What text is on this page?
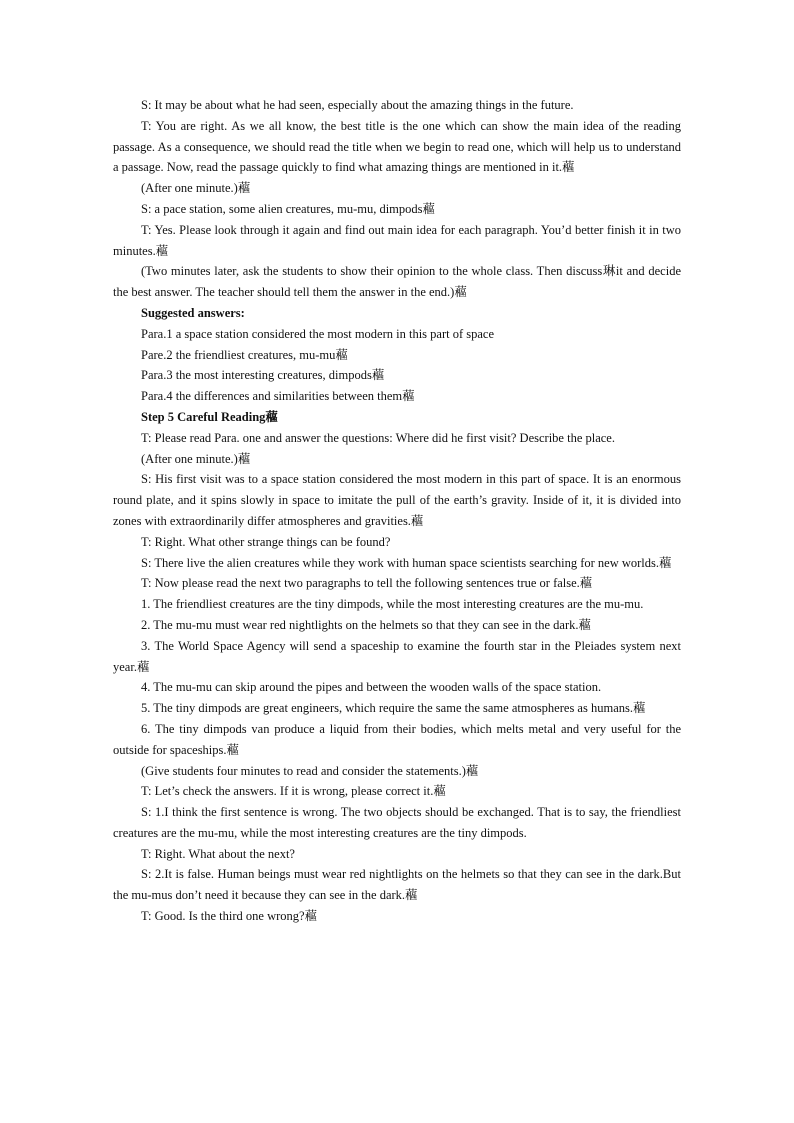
S: It may be about what he had seen, especially about the amazing things in the future.

T: You are right. As we all know, the best title is the one which can show the main idea of the reading passage. As a consequence, we should read the title when we begin to read one, which will help us to understand a passage. Now, read the passage quickly to find what amazing things are mentioned in it.藲

(After one minute.)藲

S: a pace station, some alien creatures, mu-mu, dimpods藲

T: Yes. Please look through it again and find out main idea for each paragraph. You’d better finish it in two minutes.藲

(Two minutes later, ask the students to show their opinion to the whole class. Then discuss琳it and decide the best answer. The teacher should tell them the answer in the end.)藲

Suggested answers:

Para.1 a space station considered the most modern in this part of space

Pare.2 the friendliest creatures, mu-mu藲

Para.3 the most interesting creatures, dimpods藲

Para.4 the differences and similarities between them藲

Step 5 Careful Reading藲

T: Please read Para. one and answer the questions: Where did he first visit? Describe the place.

(After one minute.)藲

S: His first visit was to a space station considered the most modern in this part of space. It is an enormous round plate, and it spins slowly in space to imitate the pull of the earth’s gravity. Inside of it, it is divided into zones with extraordinarily differ atmospheres and gravities.藲

T: Right. What other strange things can be found?

S: There live the alien creatures while they work with human space scientists searching for new worlds.藲

T: Now please read the next two paragraphs to tell the following sentences true or false.藲

1. The friendliest creatures are the tiny dimpods, while the most interesting creatures are the mu-mu.

2. The mu-mu must wear red nightlights on the helmets so that they can see in the dark.藲

3. The World Space Agency will send a spaceship to examine the fourth star in the Pleiades system next year.藲

4. The mu-mu can skip around the pipes and between the wooden walls of the space station.

5. The tiny dimpods are great engineers, which require the same the same atmospheres as humans.藲

6. The tiny dimpods van produce a liquid from their bodies, which melts metal and very useful for the outside for spaceships.藲

(Give students four minutes to read and consider the statements.)藲

T: Let’s check the answers. If it is wrong, please correct it.藲

S: 1.I think the first sentence is wrong. The two objects should be exchanged. That is to say, the friendliest creatures are the mu-mu, while the most interesting creatures are the tiny dimpods.

T: Right. What about the next?

S: 2.It is false. Human beings must wear red nightlights on the helmets so that they can see in the dark.But the mu-mus don’t need it because they can see in the dark.藲

T: Good. Is the third one wrong?藲
